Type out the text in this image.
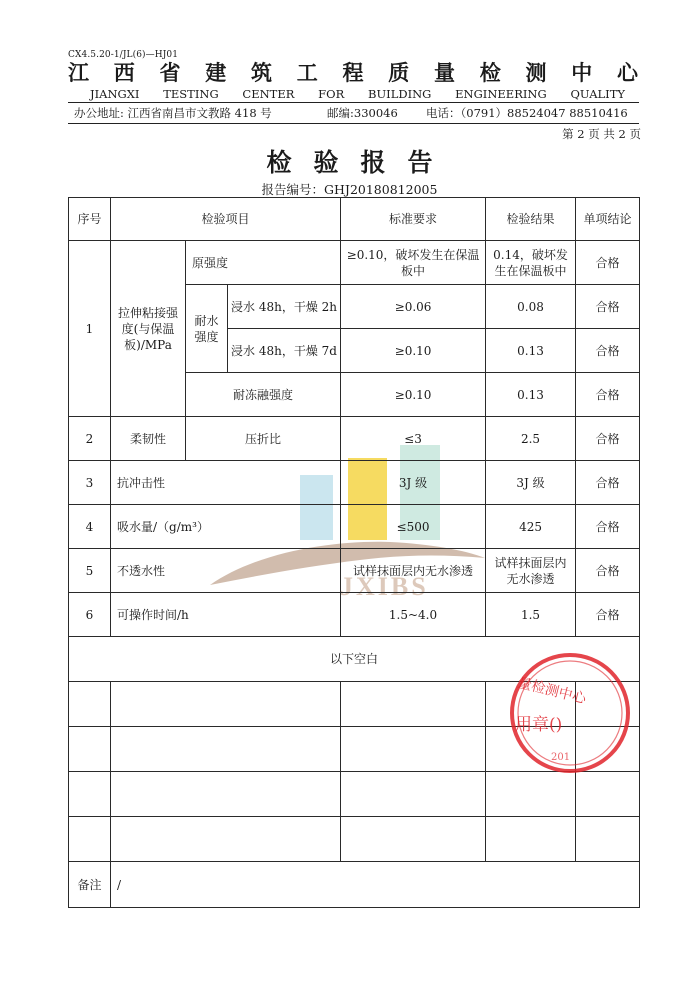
CX4.5.20-1/JL(6)—HJ01
江 西 省 建 筑 工 程 质 量 检 测 中 心
JIANGXI TESTING CENTER FOR BUILDING ENGINEERING QUALITY
办公地址: 江西省南昌市文教路 418 号	邮编:330046 电话：（0791）88524047 88510416
第 2 页 共 2 页
检验报告
报告编号：GHJ20180812005
JXIBS
序号	检验项目			标准要求	检验结果	单项结论
1	拉伸粘接强度(与保温板)/MPa	原强度		≥0.10，破坏发生在保温板中	0.14，破坏发生在保温板中	合格
		耐水强度	浸水 48h，干燥 2h	≥0.06	0.08	合格
			浸水 48h，干燥 7d	≥0.10	0.13	合格
		耐冻融强度		≥0.10	0.13	合格
2	柔韧性	压折比		≤3	2.5	合格
3	抗冲击性			3J 级	3J 级	合格
4	吸水量/（g/m³）			≤500	425	合格
5	不透水性			试样抹面层内无水渗透	试样抹面层内无水渗透	合格
6	可操作时间/h			1.5~4.0	1.5	合格
以下空白						

备注	/					
量检测中心
用章()
201
